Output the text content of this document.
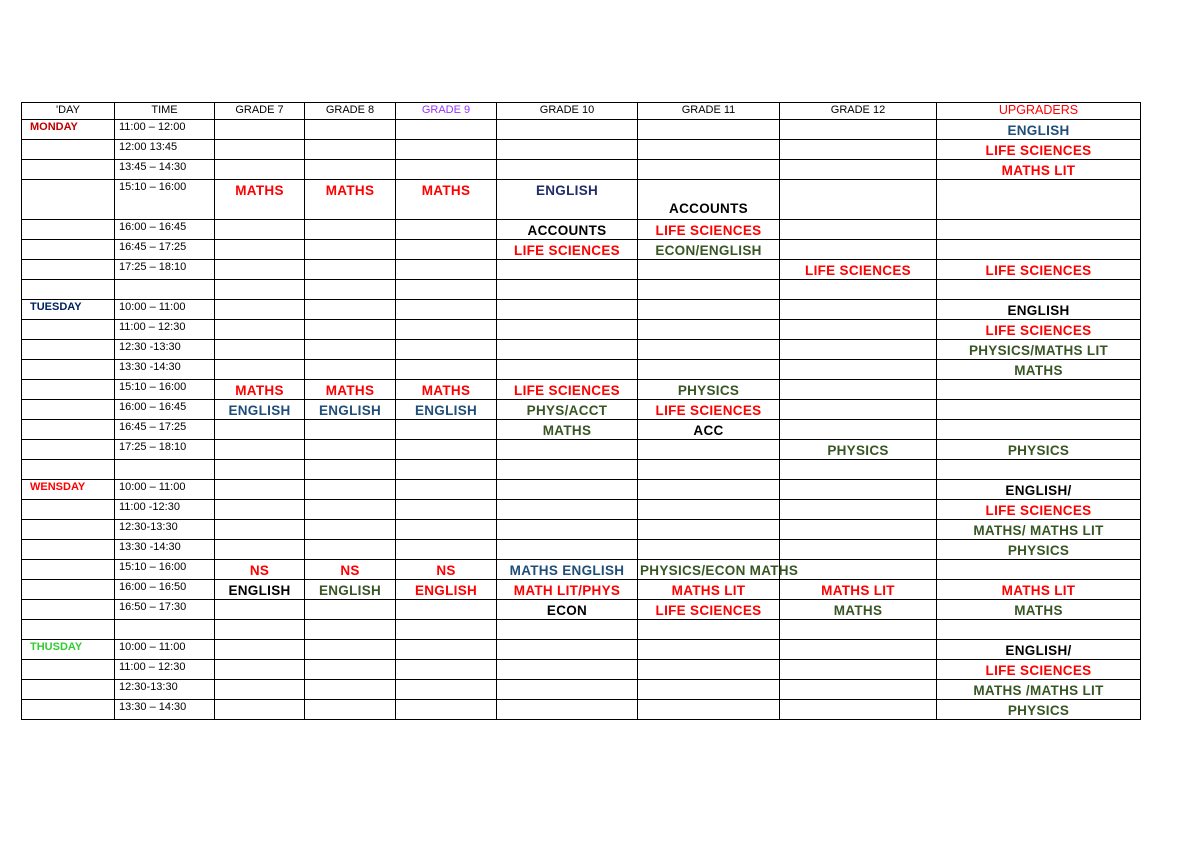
'DAY	TIME	GRADE 7	GRADE 8	GRADE 9	GRADE 10	GRADE 11	GRADE 12	UPGRADERS
MONDAY	11:00 – 12:00							ENGLISH

	12:00 13:45							LIFE SCIENCES

	13:45 – 14:30							MATHS LIT

	15:10 – 16:00	MATHS	MATHS	MATHS	ENGLISH	ACCOUNTS		

	16:00 – 16:45				ACCOUNTS	LIFE SCIENCES		

	16:45 – 17:25				LIFE SCIENCES	ECON/ENGLISH		

	17:25 – 18:10						LIFE SCIENCES	LIFE SCIENCES

TUESDAY	10:00 – 11:00							ENGLISH

	11:00 – 12:30							LIFE SCIENCES

	12:30 -13:30							PHYSICS/MATHS LIT

	13:30 -14:30							MATHS

	15:10 – 16:00	MATHS	MATHS	MATHS	LIFE SCIENCES	PHYSICS		

	16:00 – 16:45	ENGLISH	ENGLISH	ENGLISH	PHYS/ACCT	LIFE SCIENCES		

	16:45 – 17:25				MATHS	ACC		

	17:25 – 18:10						PHYSICS	PHYSICS

WENSDAY	10:00 – 11:00							ENGLISH/

	11:00 -12:30							LIFE SCIENCES

	12:30-13:30							MATHS/ MATHS LIT

	13:30 -14:30							PHYSICS

	15:10 – 16:00	NS	NS	NS	MATHS ENGLISH	PHYSICS/ECON MATHS		

	16:00 – 16:50	ENGLISH	ENGLISH	ENGLISH	MATH LIT/PHYS	MATHS LIT	MATHS LIT	MATHS LIT

	16:50 – 17:30				ECON	LIFE SCIENCES	MATHS	MATHS

THUSDAY	10:00 – 11:00							ENGLISH/

	11:00 – 12:30							LIFE SCIENCES

	12:30-13:30							MATHS /MATHS LIT

	13:30 – 14:30							PHYSICS
